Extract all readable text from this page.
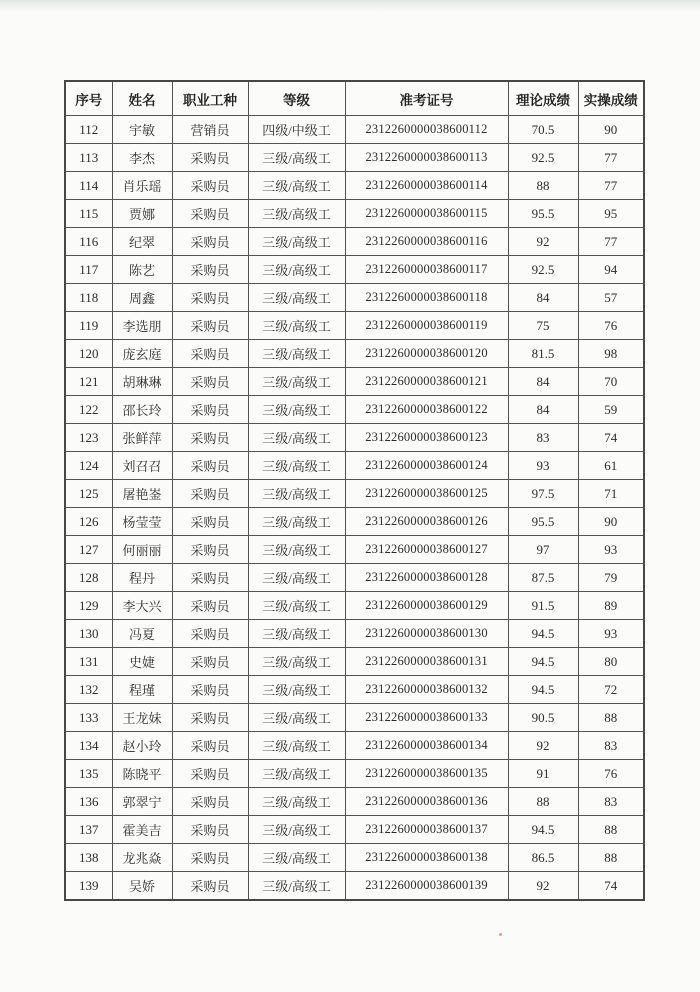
序号	姓名	职业工种	等级	准考证号	理论成绩	实操成绩
112	宇敏	营销员	四级/中级工	2312260000038600112	70.5	90
113	李杰	采购员	三级/高级工	2312260000038600113	92.5	77
114	肖乐瑶	采购员	三级/高级工	2312260000038600114	88	77
115	贾娜	采购员	三级/高级工	2312260000038600115	95.5	95
116	纪翠	采购员	三级/高级工	2312260000038600116	92	77
117	陈艺	采购员	三级/高级工	2312260000038600117	92.5	94
118	周鑫	采购员	三级/高级工	2312260000038600118	84	57
119	李选朋	采购员	三级/高级工	2312260000038600119	75	76
120	庞玄庭	采购员	三级/高级工	2312260000038600120	81.5	98
121	胡琳琳	采购员	三级/高级工	2312260000038600121	84	70
122	邵长玲	采购员	三级/高级工	2312260000038600122	84	59
123	张鲜萍	采购员	三级/高级工	2312260000038600123	83	74
124	刘召召	采购员	三级/高级工	2312260000038600124	93	61
125	屠艳崟	采购员	三级/高级工	2312260000038600125	97.5	71
126	杨莹莹	采购员	三级/高级工	2312260000038600126	95.5	90
127	何丽丽	采购员	三级/高级工	2312260000038600127	97	93
128	程丹	采购员	三级/高级工	2312260000038600128	87.5	79
129	李大兴	采购员	三级/高级工	2312260000038600129	91.5	89
130	冯夏	采购员	三级/高级工	2312260000038600130	94.5	93
131	史婕	采购员	三级/高级工	2312260000038600131	94.5	80
132	程瑾	采购员	三级/高级工	2312260000038600132	94.5	72
133	王龙妹	采购员	三级/高级工	2312260000038600133	90.5	88
134	赵小玲	采购员	三级/高级工	2312260000038600134	92	83
135	陈晓平	采购员	三级/高级工	2312260000038600135	91	76
136	郭翠宁	采购员	三级/高级工	2312260000038600136	88	83
137	霍美吉	采购员	三级/高级工	2312260000038600137	94.5	88
138	龙兆焱	采购员	三级/高级工	2312260000038600138	86.5	88
139	吴娇	采购员	三级/高级工	2312260000038600139	92	74
